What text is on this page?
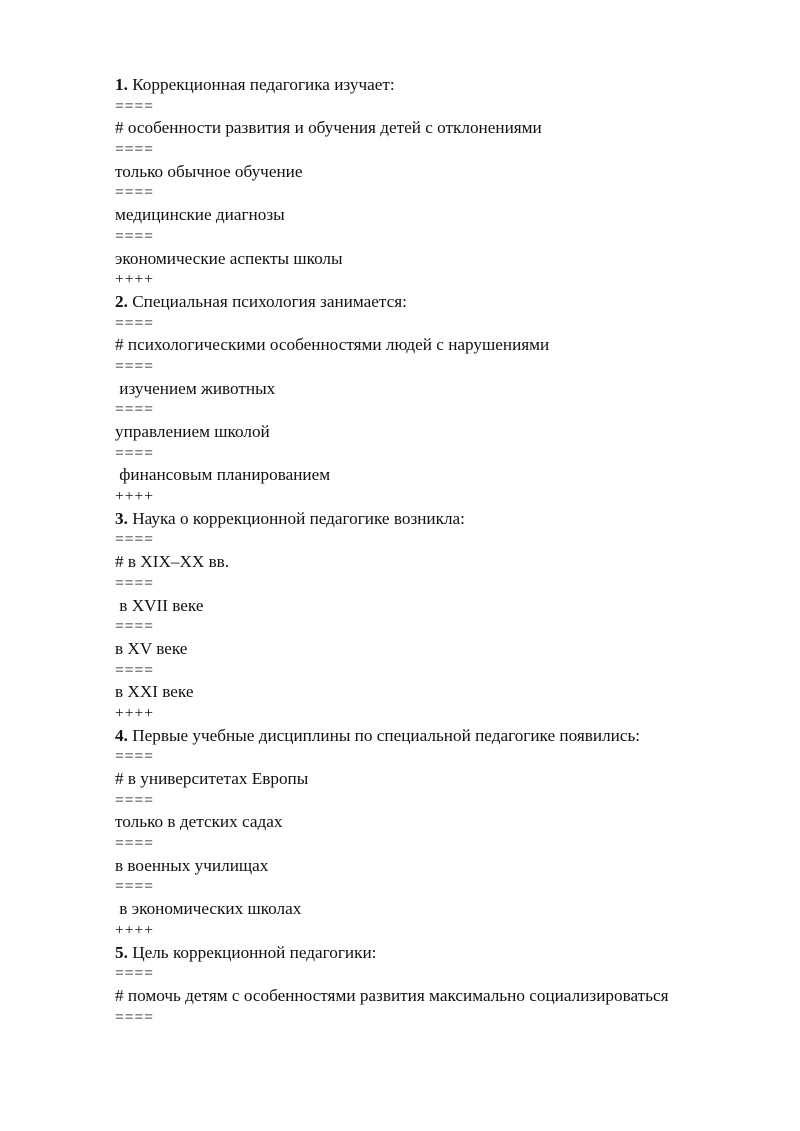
1. Коррекционная педагогика изучает:
====
# особенности развития и обучения детей с отклонениями
====
только обычное обучение
====
медицинские диагнозы
====
экономические аспекты школы
++++
2. Специальная психология занимается:
====
# психологическими особенностями людей с нарушениями
====
изучением животных
====
управлением школой
====
финансовым планированием
++++
3. Наука о коррекционной педагогике возникла:
====
# в XIX–XX вв.
====
в XVII веке
====
в XV веке
====
в XXI веке
++++
4. Первые учебные дисциплины по специальной педагогике появились:
====
# в университетах Европы
====
только в детских садах
====
в военных училищах
====
в экономических школах
++++
5. Цель коррекционной педагогики:
====
# помочь детям с особенностями развития максимально социализироваться
====
